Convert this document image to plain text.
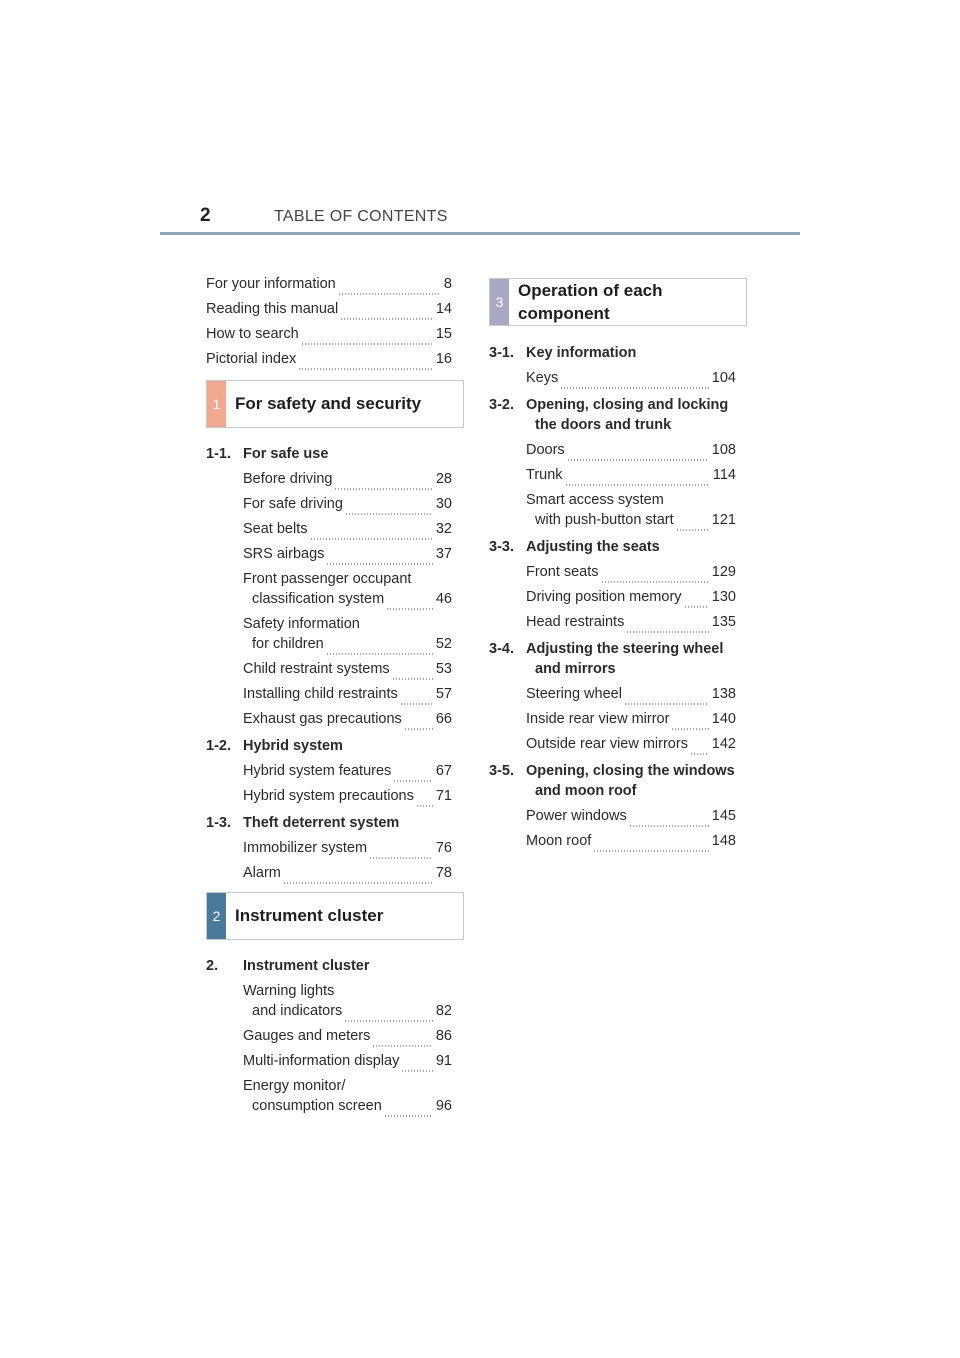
2	TABLE OF CONTENTS
For your information	8
Reading this manual	14
How to search	15
Pictorial index	16
1 For safety and security
1-1. For safe use
Before driving	28
For safe driving	30
Seat belts	32
SRS airbags	37
Front passenger occupant
classification system	46
Safety information
for children	52
Child restraint systems	53
Installing child restraints	57
Exhaust gas precautions 66
1-2. Hybrid system
Hybrid system features	67
Hybrid system precautions 71
1-3. Theft deterrent system
Immobilizer system	76
Alarm	78
2 Instrument cluster
2. Instrument cluster
Warning lights
and indicators	82
Gauges and meters	86
Multi-information display	91
Energy monitor/
consumption screen	96
3
Operation of each
component
3-1. Key information
Keys	104
3-2. Opening, closing and locking
the doors and trunk
Doors	108
Trunk	114
Smart access system
with push-button start	121
3-3. Adjusting the seats
Front seats	129
Driving position memory 130
Head restraints	135
3-4. Adjusting the steering wheel
and mirrors
Steering wheel	138
Inside rear view mirror	140
Outside rear view mirrors 142
3-5. Opening, closing the windows
and moon roof
Power windows	145
Moon roof	148
